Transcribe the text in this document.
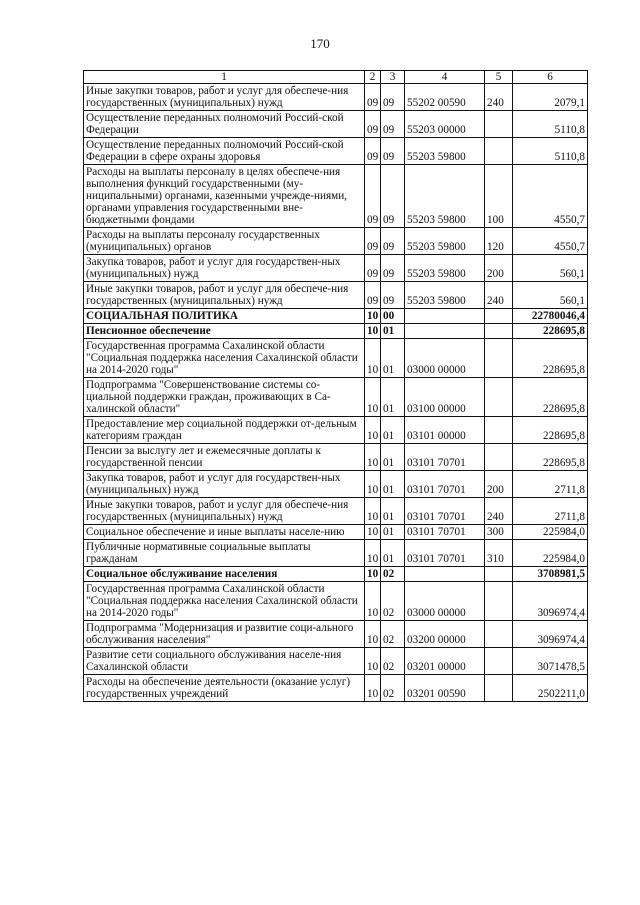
170
1	2	3	4	5	6
Иные закупки товаров, работ и услуг для обеспече-ния государственных (муниципальных) нужд	09	09	55202 00590	240	2079,1
Осуществление переданных полномочий Россий-ской Федерации	09	09	55203 00000		5110,8
Осуществление переданных полномочий Россий-ской Федерации в сфере охраны здоровья	09	09	55203 59800		5110,8
Расходы на выплаты персоналу в целях обеспече-ния выполнения функций государственными (му-ниципальными) органами, казенными учрежде-ниями, органами управления государственными вне-бюджетными фондами	09	09	55203 59800	100	4550,7
Расходы на выплаты персоналу государственных (муниципальных) органов	09	09	55203 59800	120	4550,7
Закупка товаров, работ и услуг для государствен-ных (муниципальных) нужд	09	09	55203 59800	200	560,1
Иные закупки товаров, работ и услуг для обеспече-ния государственных (муниципальных) нужд	09	09	55203 59800	240	560,1
СОЦИАЛЬНАЯ ПОЛИТИКА	10	00			22780046,4
Пенсионное обеспечение	10	01			228695,8
Государственная программа Сахалинской области "Социальная поддержка населения Сахалинской области на 2014-2020 годы"	10	01	03000 00000		228695,8
Подпрограмма "Совершенствование системы со-циальной поддержки граждан, проживающих в Са-халинской области"	10	01	03100 00000		228695,8
Предоставление мер социальной поддержки от-дельным категориям граждан	10	01	03101 00000		228695,8
Пенсии за выслугу лет и ежемесячные доплаты к государственной пенсии	10	01	03101 70701		228695,8
Закупка товаров, работ и услуг для государствен-ных (муниципальных) нужд	10	01	03101 70701	200	2711,8
Иные закупки товаров, работ и услуг для обеспече-ния государственных (муниципальных) нужд	10	01	03101 70701	240	2711,8
Социальное обеспечение и иные выплаты населе-нию	10	01	03101 70701	300	225984,0
Публичные нормативные социальные выплаты гражданам	10	01	03101 70701	310	225984,0
Социальное обслуживание населения	10	02			3708981,5
Государственная программа Сахалинской области "Социальная поддержка населения Сахалинской области на 2014-2020 годы"	10	02	03000 00000		3096974,4
Подпрограмма "Модернизация и развитие соци-ального обслуживания населения"	10	02	03200 00000		3096974,4
Развитие сети социального обслуживания населе-ния Сахалинской области	10	02	03201 00000		3071478,5
Расходы на обеспечение деятельности (оказание услуг) государственных учреждений	10	02	03201 00590		2502211,0
